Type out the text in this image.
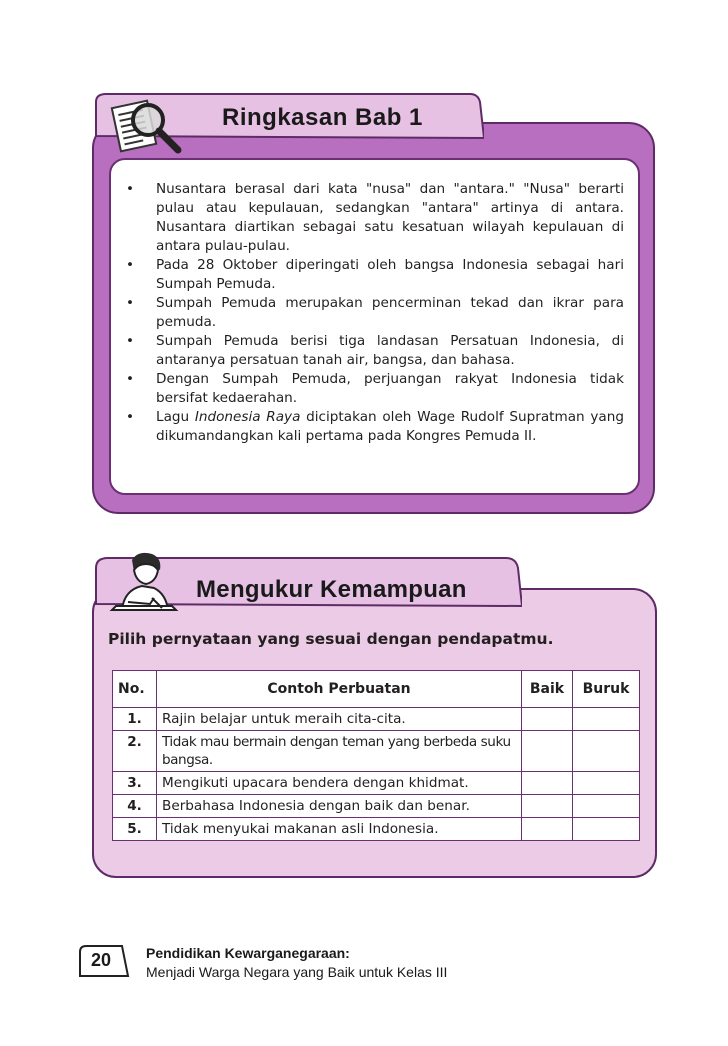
Ringkasan Bab 1
• Nusantara berasal dari kata "nusa" dan "antara." "Nusa" berarti pulau atau kepulauan, sedangkan "antara" artinya di antara. Nusantara diartikan sebagai satu kesatuan wilayah kepulauan di antara pulau-pulau.
• Pada 28 Oktober diperingati oleh bangsa Indonesia sebagai hari Sumpah Pemuda.
• Sumpah Pemuda merupakan pencerminan tekad dan ikrar para pemuda.
• Sumpah Pemuda berisi tiga landasan Persatuan Indonesia, di antaranya persatuan tanah air, bangsa, dan bahasa.
• Dengan Sumpah Pemuda, perjuangan rakyat Indonesia tidak bersifat kedaerahan.
• Lagu Indonesia Raya diciptakan oleh Wage Rudolf Supratman yang dikumandangkan kali pertama pada Kongres Pemuda II.
Mengukur Kemampuan
Pilih pernyataan yang sesuai dengan pendapatmu.
No.	Contoh Perbuatan	Baik	Buruk
1.	Rajin belajar untuk meraih cita-cita.		
2.	Tidak mau bermain dengan teman yang berbeda suku bangsa.		
3.	Mengikuti upacara bendera dengan khidmat.		
4.	Berbahasa Indonesia dengan baik dan benar.		
5.	Tidak menyukai makanan asli Indonesia.		
20	Pendidikan Kewarganegaraan:
Menjadi Warga Negara yang Baik untuk Kelas III
